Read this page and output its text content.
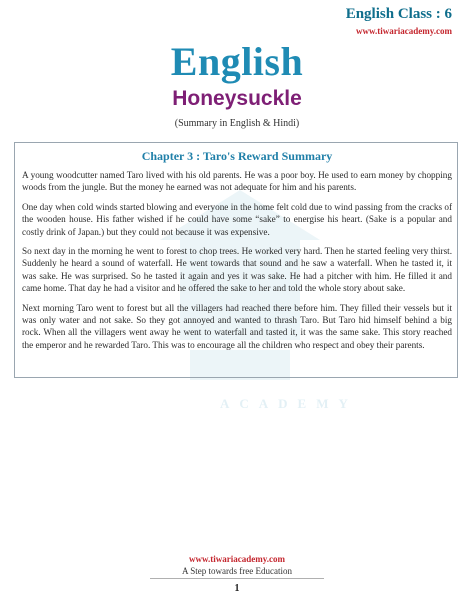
English Class : 6
www.tiwariacademy.com
English
Honeysuckle
(Summary in English & Hindi)
Chapter 3 : Taro's Reward Summary

A young woodcutter named Taro lived with his old parents. He was a poor boy. He used to earn money by chopping woods from the jungle. But the money he earned was not adequate for him and his parents.

One day when cold winds started blowing and everyone in the home felt cold due to wind passing from the cracks of the wooden house. His father wished if he could have some “sake” to energise his heart. (Sake is a popular and costly drink of Japan.) but they could not because it was expensive.

So next day in the morning he went to forest to chop trees. He worked very hard. Then he started feeling very thirst. Suddenly he heard a sound of waterfall. He went towards that sound and he saw a waterfall. When he tasted it, it was sake. He was surprised. So he tasted it again and yes it was sake. He had a pitcher with him. He filled it and came home. That day he had a visitor and he offered the sake to her and told the whole story about sake.

Next morning Taro went to forest but all the villagers had reached there before him. They filled their vessels but it was only water and not sake. So they got annoyed and wanted to thrash Taro. But Taro hid himself behind a big rock. When all the villagers went away he went to waterfall and tasted it, it was the same sake. This story reached the emperor and he rewarded Taro. This was to encourage all the children who respect and obey their parents.

ACADEMY
www.tiwariacademy.com
A Step towards free Education
1
